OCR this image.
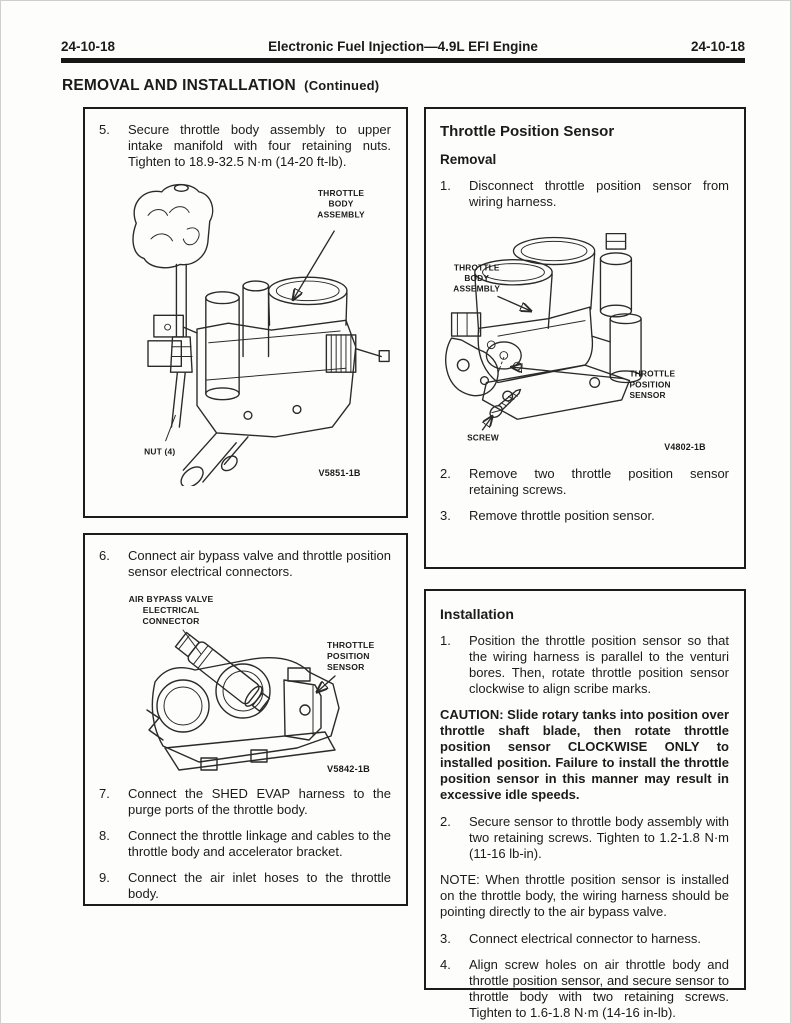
24-10-18	Electronic Fuel Injection—4.9L EFI Engine	24-10-18
REMOVAL AND INSTALLATION (Continued)
5.	Secure throttle body assembly to upper intake manifold with four retaining nuts. Tighten to 18.9-32.5 N·m (14-20 ft-lb).
THROTTLE
BODY
ASSEMBLY
NUT (4)
V5851-1B
6.	Connect air bypass valve and throttle position sensor electrical connectors.
AIR BYPASS VALVE
ELECTRICAL
CONNECTOR
THROTTLE
POSITION
SENSOR
V5842-1B
7.	Connect the SHED EVAP harness to the purge ports of the throttle body.
8.	Connect the throttle linkage and cables to the throttle body and accelerator bracket.
9.	Connect the air inlet hoses to the throttle body.
Throttle Position Sensor
Removal
1.	Disconnect throttle position sensor from wiring harness.
THROTTLE
BODY
ASSEMBLY
THROTTLE
POSITION
SENSOR
SCREW
V4802-1B
2.	Remove two throttle position sensor retaining screws.
3.	Remove throttle position sensor.
Installation
1.	Position the throttle position sensor so that the wiring harness is parallel to the venturi bores. Then, rotate throttle position sensor clockwise to align scribe marks.

CAUTION: Slide rotary tanks into position over throttle shaft blade, then rotate throttle position sensor CLOCKWISE ONLY to installed position. Failure to install the throttle position sensor in this manner may result in excessive idle speeds.

2.	Secure sensor to throttle body assembly with two retaining screws. Tighten to 1.2-1.8 N·m (11-16 lb-in).

NOTE: When throttle position sensor is installed on the throttle body, the wiring harness should be pointing directly to the air bypass valve.

3.	Connect electrical connector to harness.
4.	Align screw holes on air throttle body and throttle position sensor, and secure sensor to throttle body with two retaining screws. Tighten to 1.6-1.8 N·m (14-16 in-lb).
